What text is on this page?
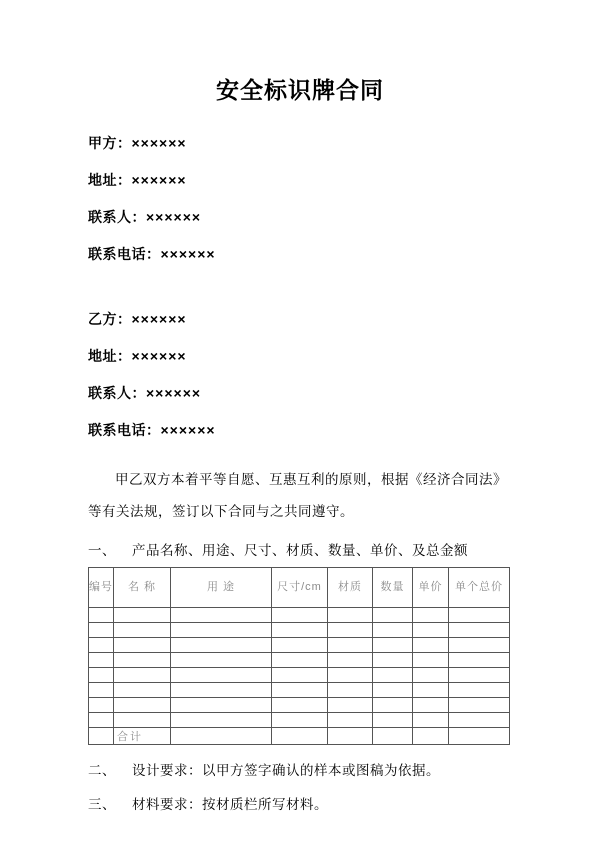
安全标识牌合同
甲方：××××××
地址：××××××
联系人：××××××
联系电话：××××××
乙方：××××××
地址：××××××
联系人：××××××
联系电话：××××××

甲乙双方本着平等自愿、互惠互利的原则，根据《经济合同法》等有关法规，签订以下合同与之共同遵守。

一、 产品名称、用途、尺寸、材质、数量、单价、及总金额
编号	名 称	用 途	尺寸/cm	材质	数量	单价	单个总价

	合计						
二、 设计要求：以甲方签字确认的样本或图稿为依据。
三、 材料要求：按材质栏所写材料。
